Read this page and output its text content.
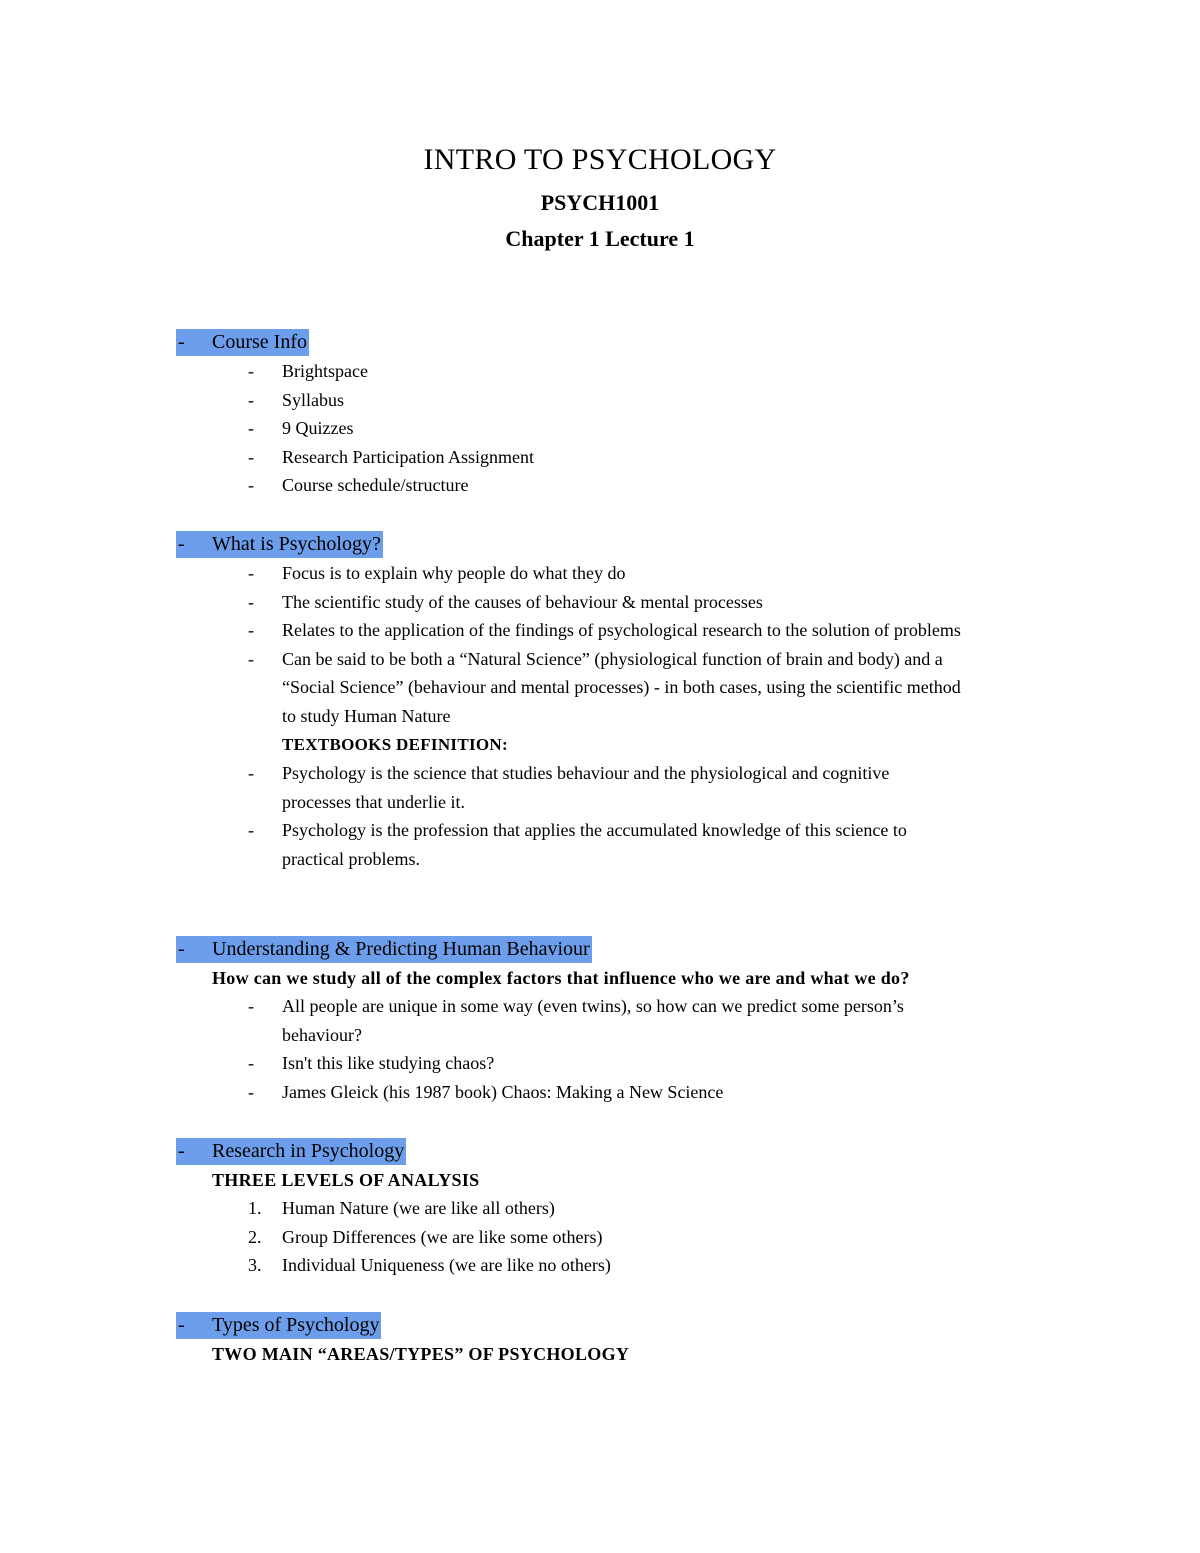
INTRO TO PSYCHOLOGY
PSYCH1001
Chapter 1 Lecture 1
- Course Info
- Brightspace
- Syllabus
- 9 Quizzes
- Research Participation Assignment
- Course schedule/structure
- What is Psychology?
- Focus is to explain why people do what they do
- The scientific study of the causes of behaviour & mental processes
- Relates to the application of the findings of psychological research to the solution of problems
- Can be said to be both a “Natural Science” (physiological function of brain and body) and a “Social Science” (behaviour and mental processes) - in both cases, using the scientific method to study Human Nature
TEXTBOOKS DEFINITION:
- Psychology is the science that studies behaviour and the physiological and cognitive processes that underlie it.
- Psychology is the profession that applies the accumulated knowledge of this science to practical problems.
- Understanding & Predicting Human Behaviour
How can we study all of the complex factors that influence who we are and what we do?
- All people are unique in some way (even twins), so how can we predict some person’s behaviour?
- Isn't this like studying chaos?
- James Gleick (his 1987 book) Chaos: Making a New Science
- Research in Psychology
THREE LEVELS OF ANALYSIS
1. Human Nature (we are like all others)
2. Group Differences (we are like some others)
3. Individual Uniqueness (we are like no others)
- Types of Psychology
TWO MAIN “AREAS/TYPES” OF PSYCHOLOGY
